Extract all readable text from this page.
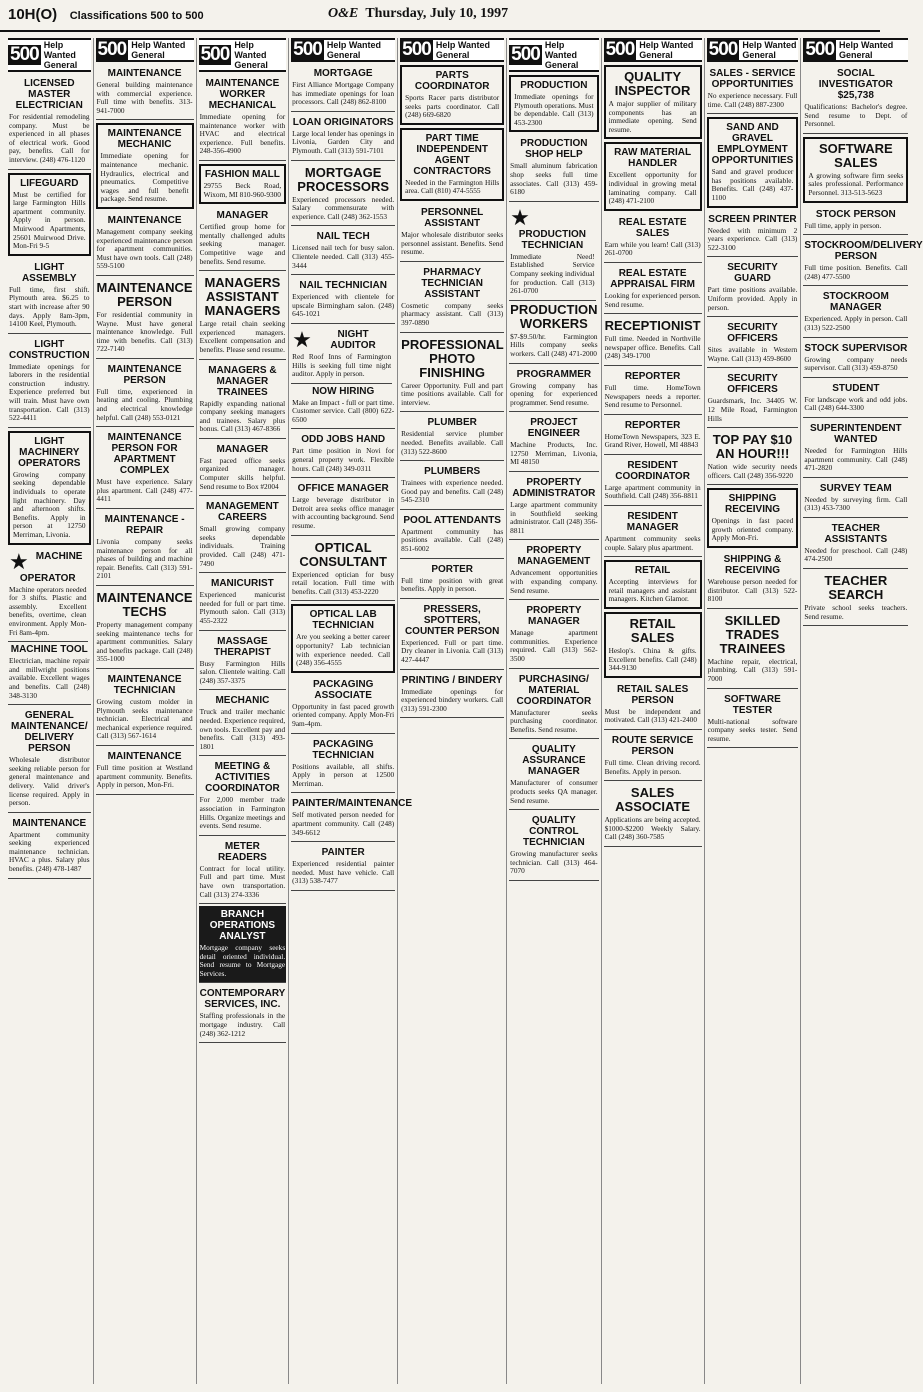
10H(O) Classifications 500 to 500	O&E Thursday, July 10, 1997
500 Help Wanted General
LICENSED MASTER ELECTRICIAN

For residential remodeling company. Must be experienced in all phases of electrical work. Good pay, benefits. Call for interview. (248) 476-1120

LIFEGUARD

Must be certified for large Farmington Hills apartment community. Apply in person. Muirwood Apartments, 25601 Muirwood Drive. Mon-Fri 9-5

LIGHT ASSEMBLY

Full time, first shift. Plymouth area. $6.25 to start with increase after 90 days. Apply 8am-3pm, 14100 Keel, Plymouth.

LIGHT CONSTRUCTION

Immediate openings for laborers in the residential construction industry. Experience preferred but will train. Must have own transportation. Call (313) 522-4411

LIGHT MACHINERY OPERATORS

Growing company seeking dependable individuals to operate light machinery. Day and afternoon shifts. Benefits. Apply in person at 12750 Merriman, Livonia.

★ MACHINE OPERATOR

Machine operators needed for 3 shifts. Plastic and assembly. Excellent benefits, overtime, clean environment. Apply Mon-Fri 8am-4pm.

MACHINE TOOL

Electrician, machine repair and millwright positions available. Excellent wages and benefits. Call (248) 348-3130

GENERAL MAINTENANCE/ DELIVERY PERSON

Wholesale distributor seeking reliable person for general maintenance and delivery. Valid driver's license required. Apply in person.

MAINTENANCE

Apartment community seeking experienced maintenance technician. HVAC a plus. Salary plus benefits. (248) 478-1487

500 Help Wanted General
MAINTENANCE

General building maintenance with commercial experience. Full time with benefits. 313-941-7000

MAINTENANCE MECHANIC

Immediate opening for maintenance mechanic. Hydraulics, electrical and pneumatics. Competitive wages and full benefit package. Send resume.

MAINTENANCE

Management company seeking experienced maintenance person for apartment communities. Must have own tools. Call (248) 559-5100

MAINTENANCE PERSON

For residential community in Wayne. Must have general maintenance knowledge. Full time with benefits. Call (313) 722-7140

MAINTENANCE PERSON

Full time, experienced in heating and cooling. Plumbing and electrical knowledge helpful. Call (248) 553-0121

MAINTENANCE PERSON FOR APARTMENT COMPLEX

Must have experience. Salary plus apartment. Call (248) 477-4411

MAINTENANCE - REPAIR

Livonia company seeks maintenance person for all phases of building and machine repair. Benefits. Call (313) 591-2101

MAINTENANCE TECHS

Property management company seeking maintenance techs for apartment communities. Salary and benefits package. Call (248) 355-1000

MAINTENANCE TECHNICIAN

Growing custom molder in Plymouth seeks maintenance technician. Electrical and mechanical experience required. Call (313) 567-1614

MAINTENANCE

Full time position at Westland apartment community. Benefits. Apply in person, Mon-Fri.

500 Help Wanted General
MAINTENANCE WORKER MECHANICAL

Immediate opening for maintenance worker with HVAC and electrical experience. Full benefits. 248-356-4900

FASHION MALL

29755 Beck Road, Wixom, MI 810-960-9300

MANAGER

Certified group home for mentally challenged adults seeking manager. Competitive wage and benefits. Send resume.

MANAGERS ASSISTANT MANAGERS

Large retail chain seeking experienced managers. Excellent compensation and benefits. Please send resume.

MANAGERS & MANAGER TRAINEES

Rapidly expanding national company seeking managers and trainees. Salary plus bonus. Call (313) 467-8366

MANAGER

Fast paced office seeks organized manager. Computer skills helpful. Send resume to Box #2004

MANAGEMENT CAREERS

Small growing company seeks dependable individuals. Training provided. Call (248) 471-7490

MANICURIST

Experienced manicurist needed for full or part time. Plymouth salon. Call (313) 455-2322

MASSAGE THERAPIST

Busy Farmington Hills salon. Clientele waiting. Call (248) 357-3375

MECHANIC

Truck and trailer mechanic needed. Experience required, own tools. Excellent pay and benefits. Call (313) 493-1801

MEETING & ACTIVITIES COORDINATOR

For 2,000 member trade association in Farmington Hills. Organize meetings and events. Send resume.

METER READERS

Contract for local utility. Full and part time. Must have own transportation. Call (313) 274-3336

BRANCH OPERATIONS ANALYST

Mortgage company seeks detail oriented individual. Send resume to Mortgage Services.

CONTEMPORARY SERVICES, INC.

Staffing professionals in the mortgage industry. Call (248) 362-1212

500 Help Wanted General
MORTGAGE

First Alliance Mortgage Company has immediate openings for loan processors. Call (248) 862-8100

LOAN ORIGINATORS

Large local lender has openings in Livonia, Garden City and Plymouth. Call (313) 591-7101

MORTGAGE PROCESSORS

Experienced processors needed. Salary commensurate with experience. Call (248) 362-1553

NAIL TECH

Licensed nail tech for busy salon. Clientele needed. Call (313) 455-3444

NAIL TECHNICIAN

Experienced with clientele for upscale Birmingham salon. (248) 645-1021

★	NIGHT AUDITOR

Red Roof Inns of Farmington Hills is seeking full time night auditor. Apply in person.

NOW HIRING

Make an Impact - full or part time. Customer service. Call (800) 622-6500

ODD JOBS HAND

Part time position in Novi for general property work. Flexible hours. Call (248) 349-0311

OFFICE MANAGER

Large beverage distributor in Detroit area seeks office manager with accounting background. Send resume.

OPTICAL CONSULTANT

Experienced optician for busy retail location. Full time with benefits. Call (313) 453-2220

OPTICAL LAB TECHNICIAN

Are you seeking a better career opportunity? Lab technician with experience needed. Call (248) 356-4555

PACKAGING ASSOCIATE

Opportunity in fast paced growth oriented company. Apply Mon-Fri 9am-4pm.

PACKAGING TECHNICIAN

Positions available, all shifts. Apply in person at 12500 Merriman.

PAINTER/MAINTENANCE

Self motivated person needed for apartment community. Call (248) 349-6612

PAINTER

Experienced residential painter needed. Must have vehicle. Call (313) 538-7477

500 Help Wanted General
PARTS COORDINATOR

Sports Racer parts distributor seeks parts coordinator. Call (248) 669-6820

PART TIME INDEPENDENT AGENT CONTRACTORS

Needed in the Farmington Hills area. Call (810) 474-5555

PERSONNEL ASSISTANT

Major wholesale distributor seeks personnel assistant. Benefits. Send resume.

PHARMACY TECHNICIAN ASSISTANT

Cosmetic company seeks pharmacy assistant. Call (313) 397-0890

PROFESSIONAL PHOTO FINISHING

Career Opportunity. Full and part time positions available. Call for interview.

PLUMBER

Residential service plumber needed. Benefits available. Call (313) 522-8600

PLUMBERS

Trainees with experience needed. Good pay and benefits. Call (248) 545-2310

POOL ATTENDANTS

Apartment community has positions available. Call (248) 851-6002

PORTER

Full time position with great benefits. Apply in person.

PRESSERS, SPOTTERS, COUNTER PERSON

Experienced. Full or part time. Dry cleaner in Livonia. Call (313) 427-4447

PRINTING / BINDERY

Immediate openings for experienced bindery workers. Call (313) 591-2300

500 Help Wanted General
PRODUCTION

Immediate openings for Plymouth operations. Must be dependable. Call (313) 453-2300

PRODUCTION SHOP HELP

Small aluminum fabrication shop seeks full time associates. Call (313) 459-6180

★
PRODUCTION TECHNICIAN

Immediate Need! Established Service Company seeking individual for production. Call (313) 261-0700

PRODUCTION WORKERS

$7-$9.50/hr. Farmington Hills company seeks workers. Call (248) 471-2000

PROGRAMMER

Growing company has opening for experienced programmer. Send resume.

PROJECT ENGINEER

Machine Products, Inc. 12750 Merriman, Livonia, MI 48150

PROPERTY ADMINISTRATOR

Large apartment community in Southfield seeking administrator. Call (248) 356-8811

PROPERTY MANAGEMENT

Advancement opportunities with expanding company. Send resume.

PROPERTY MANAGER

Manage apartment communities. Experience required. Call (313) 562-3500

PURCHASING/ MATERIAL COORDINATOR

Manufacturer seeks purchasing coordinator. Benefits. Send resume.

QUALITY ASSURANCE MANAGER

Manufacturer of consumer products seeks QA manager. Send resume.

QUALITY CONTROL TECHNICIAN

Growing manufacturer seeks technician. Call (313) 464-7070

500 Help Wanted General
QUALITY INSPECTOR

A major supplier of military components has an immediate opening. Send resume.

RAW MATERIAL HANDLER

Excellent opportunity for individual in growing metal laminating company. Call (248) 471-2100

REAL ESTATE SALES

Earn while you learn! Call (313) 261-0700

REAL ESTATE APPRAISAL FIRM

Looking for experienced person. Send resume.

RECEPTIONIST

Full time. Needed in Northville newspaper office. Benefits. Call (248) 349-1700

REPORTER

Full time. HomeTown Newspapers needs a reporter. Send resume to Personnel.

REPORTER

HomeTown Newspapers, 323 E. Grand River, Howell, MI 48843

RESIDENT COORDINATOR

Large apartment community in Southfield. Call (248) 356-8811

RESIDENT MANAGER

Apartment community seeks couple. Salary plus apartment.

RETAIL

Accepting interviews for retail managers and assistant managers. Kitchen Glamor.

RETAIL SALES

Heslop's. China & gifts. Excellent benefits. Call (248) 344-9130

RETAIL SALES PERSON

Must be independent and motivated. Call (313) 421-2400

ROUTE SERVICE PERSON

Full time. Clean driving record. Benefits. Apply in person.

SALES ASSOCIATE

Applications are being accepted. $1000-$2200 Weekly Salary. Call (248) 360-7585

500 Help Wanted General
SALES - SERVICE OPPORTUNITIES

No experience necessary. Full time. Call (248) 887-2300

SAND AND GRAVEL EMPLOYMENT OPPORTUNITIES

Sand and gravel producer has positions available. Benefits. Call (248) 437-1100

SCREEN PRINTER

Needed with minimum 2 years experience. Call (313) 522-3100

SECURITY GUARD

Part time positions available. Uniform provided. Apply in person.

SECURITY OFFICERS

Sites available in Western Wayne. Call (313) 459-8600

SECURITY OFFICERS

Guardsmark, Inc. 34405 W. 12 Mile Road, Farmington Hills

TOP PAY $10 AN HOUR!!!

Nation wide security needs officers. Call (248) 356-9220

SHIPPING RECEIVING

Openings in fast paced growth oriented company. Apply Mon-Fri.

SHIPPING & RECEIVING

Warehouse person needed for distributor. Call (313) 522-8100

SKILLED TRADES TRAINEES

Machine repair, electrical, plumbing. Call (313) 591-7000

SOFTWARE TESTER

Multi-national software company seeks tester. Send resume.

500 Help Wanted General
SOCIAL INVESTIGATOR $25,738

Qualifications: Bachelor's degree. Send resume to Dept. of Personnel.

SOFTWARE SALES

A growing software firm seeks sales professional. Performance Personnel. 313-513-5623

STOCK PERSON

Full time, apply in person.

STOCKROOM/DELIVERY PERSON

Full time position. Benefits. Call (248) 477-5500

STOCKROOM MANAGER

Experienced. Apply in person. Call (313) 522-2500

STOCK SUPERVISOR

Growing company needs supervisor. Call (313) 459-8750

STUDENT

For landscape work and odd jobs. Call (248) 644-3300

SUPERINTENDENT WANTED

Needed for Farmington Hills apartment community. Call (248) 471-2820

SURVEY TEAM

Needed by surveying firm. Call (313) 453-7300

TEACHER ASSISTANTS

Needed for preschool. Call (248) 474-2500

TEACHER SEARCH

Private school seeks teachers. Send resume.
